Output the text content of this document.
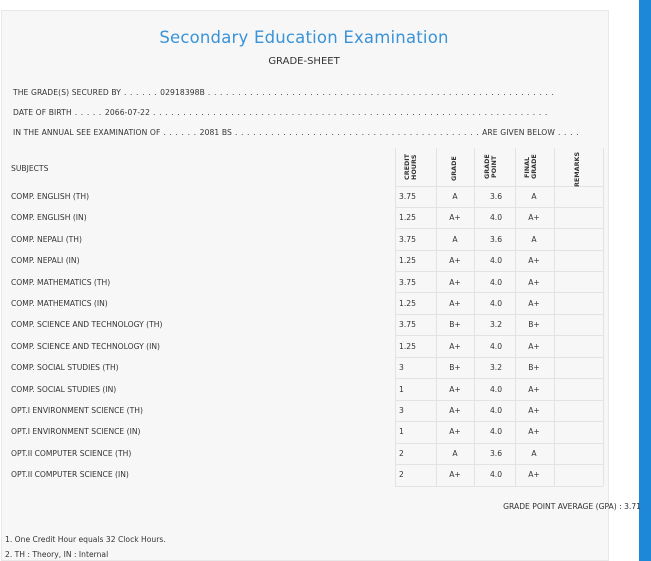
Secondary Education Examination
GRADE-SHEET
THE GRADE(S) SECURED BY . . . . . . 02918398B . . . . . . . . . . . . . . . . . . . . . . . . . . . . . . . . . . . . . . . . . . . . . . . . . . . . . . . . . .
DATE OF BIRTH . . . . . 2066-07-22 . . . . . . . . . . . . . . . . . . . . . . . . . . . . . . . . . . . . . . . . . . . . . . . . . . . . . . . . . . . . . . . . . .
IN THE ANNUAL SEE EXAMINATION OF . . . . . . 2081 BS . . . . . . . . . . . . . . . . . . . . . . . . . . . . . . . . . . . . . . . . . ARE GIVEN BELOW . . . .
SUBJECTS	CREDIT HOURS	GRADE	GRADE POINT	FINAL GRADE	REMARKS
COMP. ENGLISH (TH)	3.75	A	3.6	A
COMP. ENGLISH (IN)	1.25	A+	4.0	A+
COMP. NEPALI (TH)	3.75	A	3.6	A
COMP. NEPALI (IN)	1.25	A+	4.0	A+
COMP. MATHEMATICS (TH)	3.75	A+	4.0	A+
COMP. MATHEMATICS (IN)	1.25	A+	4.0	A+
COMP. SCIENCE AND TECHNOLOGY (TH)	3.75	B+	3.2	B+
COMP. SCIENCE AND TECHNOLOGY (IN)	1.25	A+	4.0	A+
COMP. SOCIAL STUDIES (TH)	3	B+	3.2	B+
COMP. SOCIAL STUDIES (IN)	1	A+	4.0	A+
OPT.I ENVIRONMENT SCIENCE (TH)	3	A+	4.0	A+
OPT.I ENVIRONMENT SCIENCE (IN)	1	A+	4.0	A+
OPT.II COMPUTER SCIENCE (TH)	2	A	3.6	A
OPT.II COMPUTER SCIENCE (IN)	2	A+	4.0	A+
GRADE POINT AVERAGE (GPA) : 3.71
1. One Credit Hour equals 32 Clock Hours.
2. TH : Theory, IN : Internal
